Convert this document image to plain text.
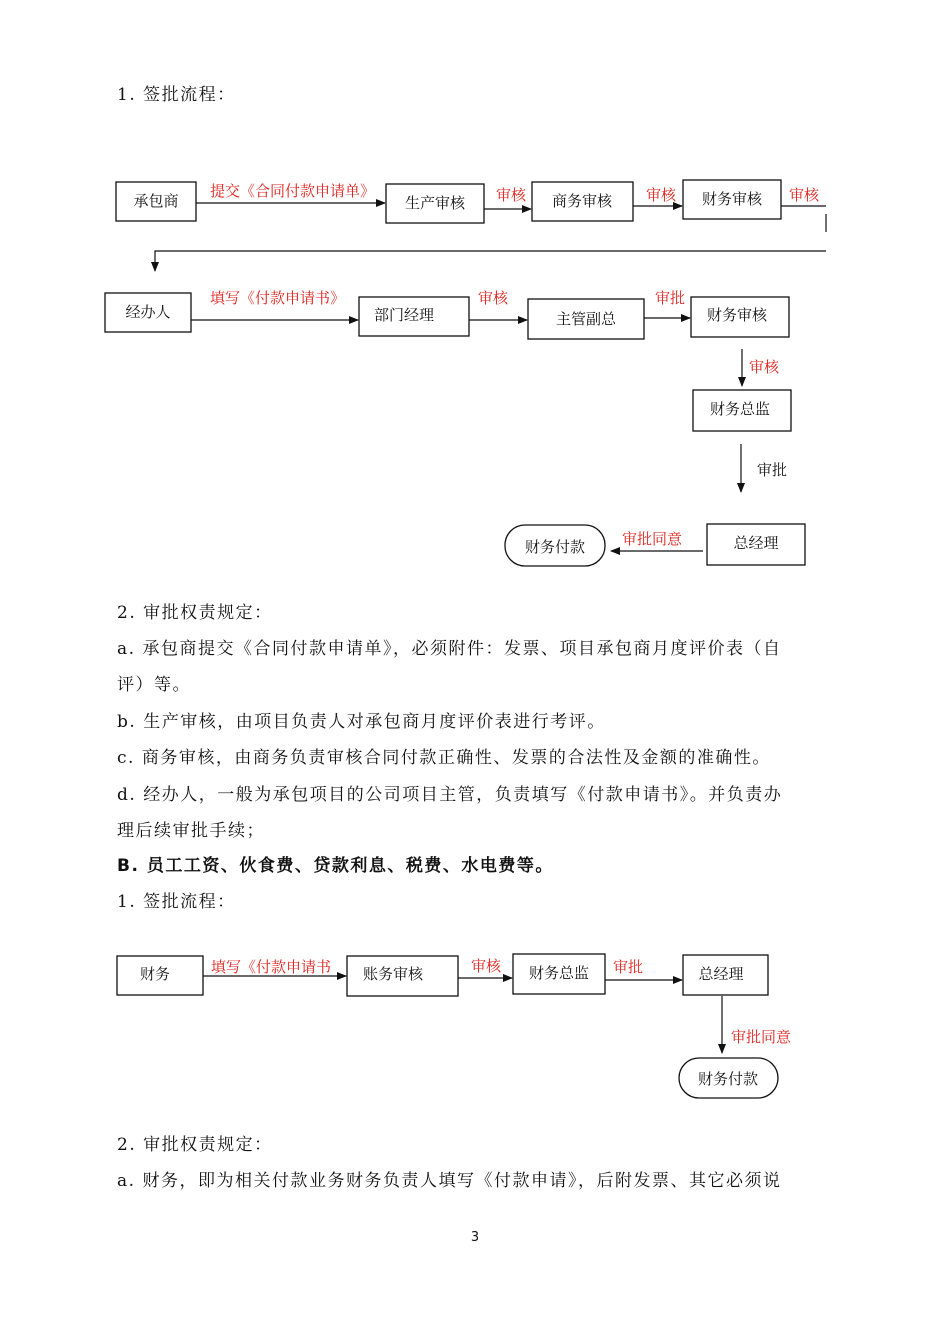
1. 签批流程：
承包商	生产审核	商务审核	财务审核
提交《合同付款申请单》	审核	审核	审核
经办人	部门经理	主管副总	财务审核
填写《付款申请书》	审核	审批
审核
财务总监
审批
总经理
审批同意
财务付款
财务	账务审核	财务总监	总经理
填写《付款申请书	审核	审批
审批同意
财务付款
2. 审批权责规定：
a. 承包商提交《合同付款申请单》，必须附件：发票、项目承包商月度评价表（自
评）等。
b. 生产审核，由项目负责人对承包商月度评价表进行考评。
c. 商务审核，由商务负责审核合同付款正确性、发票的合法性及金额的准确性。
d. 经办人，一般为承包项目的公司项目主管，负责填写《付款申请书》。并负责办
理后续审批手续；
B. 员工工资、伙食费、贷款利息、税费、水电费等。
1. 签批流程：
2. 审批权责规定：
a. 财务，即为相关付款业务财务负责人填写《付款申请》，后附发票、其它必须说
3
